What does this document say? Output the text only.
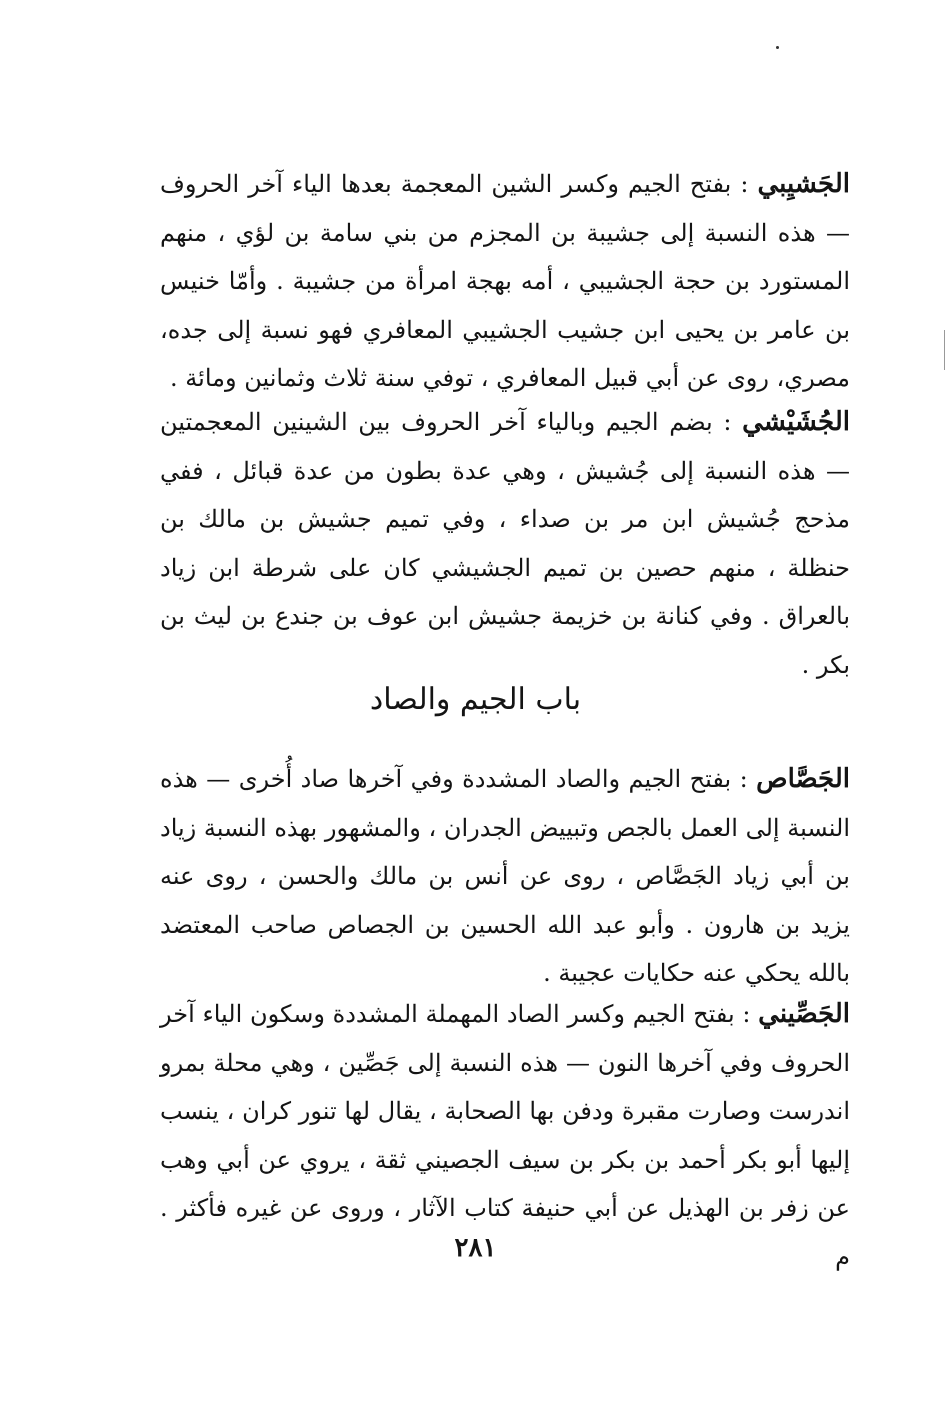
الجَشيِبي : بفتح الجيم وكسر الشين المعجمة بعدها الياء آخر الحروف — هذه النسبة إلى جشيبة بن المجزم من بني سامة بن لؤي ، منهم المستورد بن حجة الجشيبي ، أمه بهجة امرأة من جشيبة . وأمّا خنيس بن عامر بن يحيى ابن جشيب الجشيبي المعافري فهو نسبة إلى جده، مصري، روى عن أبي قبيل المعافري ، توفي سنة ثلاث وثمانين ومائة .

الجُشَيْشي : بضم الجيم وبالياء آخر الحروف بين الشينين المعجمتين — هذه النسبة إلى جُشيش ، وهي عدة بطون من عدة قبائل ، ففي مذحج جُشيش ابن مر بن صداء ، وفي تميم جشيش بن مالك بن حنظلة ، منهم حصين بن تميم الجشيشي كان على شرطة ابن زياد بالعراق . وفي كنانة بن خزيمة جشيش ابن عوف بن جندع بن ليث بن بكر .

باب الجيم والصاد

الجَصَّاص : بفتح الجيم والصاد المشددة وفي آخرها صاد أُخرى — هذه النسبة إلى العمل بالجص وتبييض الجدران ، والمشهور بهذه النسبة زياد بن أبي زياد الجَصَّاص ، روى عن أنس بن مالك والحسن ، روى عنه يزيد بن هارون . وأبو عبد الله الحسين بن الجصاص صاحب المعتضد بالله يحكي عنه حكايات عجيبة .

الجَصِّيني : بفتح الجيم وكسر الصاد المهملة المشددة وسكون الياء آخر الحروف وفي آخرها النون — هذه النسبة إلى جَصِّين ، وهي محلة بمرو اندرست وصارت مقبرة ودفن بها الصحابة ، يقال لها تنور كران ، ينسب إليها أبو بكر أحمد بن بكر بن سيف الجصيني ثقة ، يروي عن أبي وهب عن زفر بن الهذيل عن أبي حنيفة كتاب الآثار ، وروى عن غيره فأكثر . م

٢٨١
